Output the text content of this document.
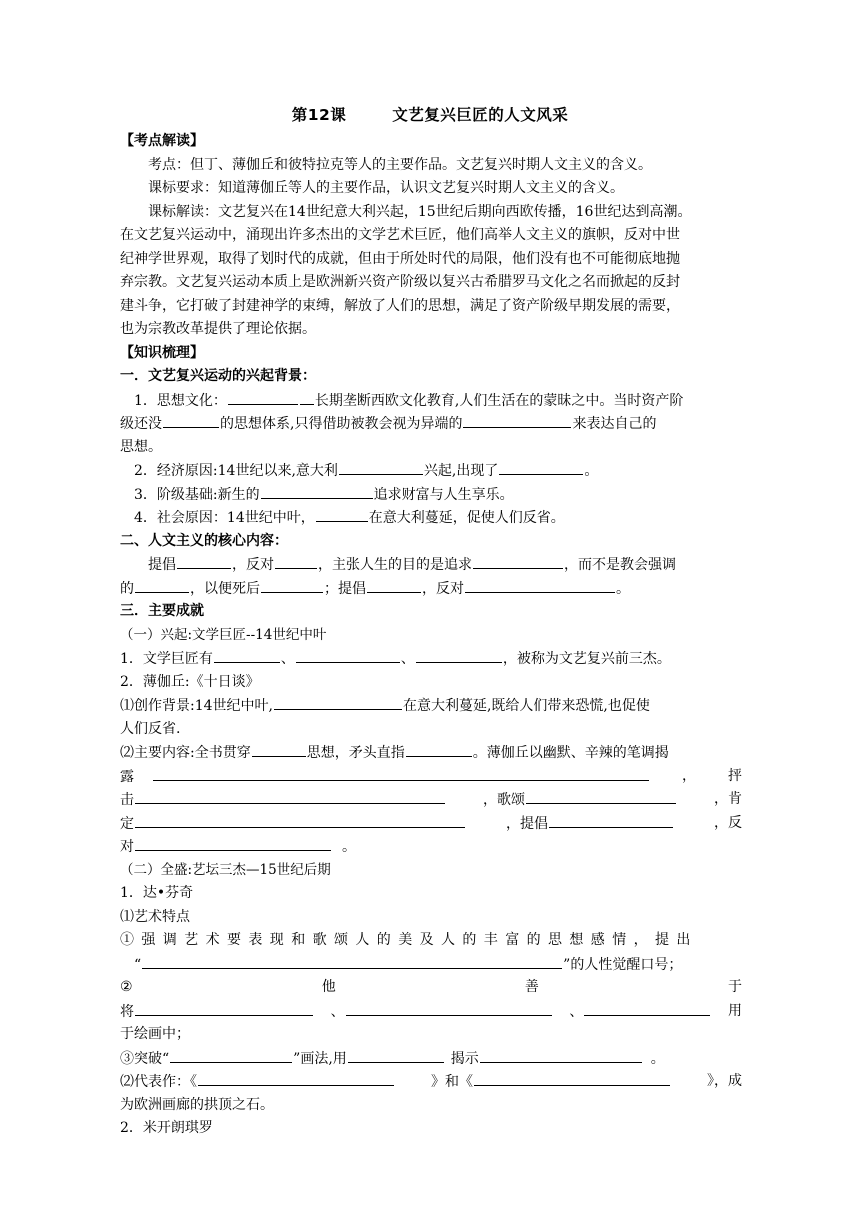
第12课	文艺复兴巨匠的人文风采
【考点解读】
考点：但丁、薄伽丘和彼特拉克等人的主要作品。文艺复兴时期人文主义的含义。
课标要求：知道薄伽丘等人的主要作品，认识文艺复兴时期人文主义的含义。
课标解读：文艺复兴在14世纪意大利兴起，15世纪后期向西欧传播，16世纪达到高潮。
在文艺复兴运动中，涌现出许多杰出的文学艺术巨匠，他们高举人文主义的旗帜，反对中世
纪神学世界观，取得了划时代的成就，但由于所处时代的局限，他们没有也不可能彻底地抛
弃宗教。文艺复兴运动本质上是欧洲新兴资产阶级以复兴古希腊罗马文化之名而掀起的反封
建斗争，它打破了封建神学的束缚，解放了人们的思想，满足了资产阶级早期发展的需要，
也为宗教改革提供了理论依据。
【知识梳理】
一．文艺复兴运动的兴起背景：
1．思想文化：	长期垄断西欧文化教育,人们生活在的蒙昧之中。当时资产阶
级还没	的思想体系,只得借助被教会视为异端的	来表达自己的
思想。
2．经济原因:14世纪以来,意大利	兴起,出现了	。
3．阶级基础:新生的	追求财富与人生享乐。
4．社会原因：14世纪中叶，	在意大利蔓延，促使人们反省。
二、人文主义的核心内容：
提倡	，反对	，主张人生的目的是追求	，而不是教会强调
的	，以便死后	；提倡	，反对	。
三．主要成就
（一）兴起:文学巨匠--14世纪中叶
1．文学巨匠有	、	、	，被称为文艺复兴前三杰。
2．薄伽丘:《十日谈》
⑴创作背景:14世纪中叶,	在意大利蔓延,既给人们带来恐慌,也促使
人们反省.
⑵主要内容:全书贯穿	思想，矛头直指	。薄伽丘以幽默、辛辣的笔调揭
露	， 抨
击	，歌颂	，肯
定	，提倡	，反
对	。
（二）全盛:艺坛三杰—15世纪后期
1．达•芬奇
⑴艺术特点
①强调艺术要表现和歌颂人的美及人的丰富的思想感情，提出
“	”的人性觉醒口号；
②	他	善	于
将	、	、	用
于绘画中；
③突破“	”画法,用	揭示	。
⑵代表作：《	》和《	》，成
为欧洲画廊的拱顶之石。
2．米开朗琪罗
